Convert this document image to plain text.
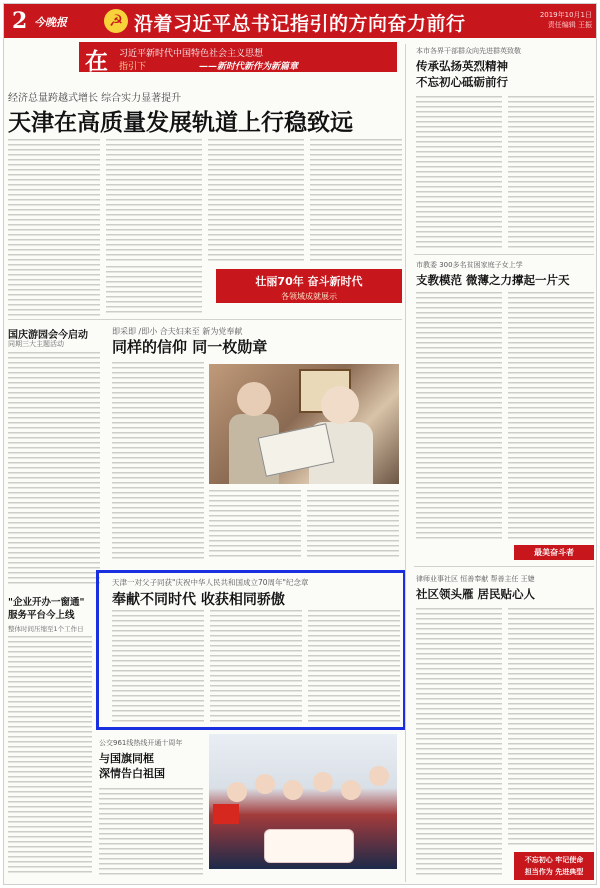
2 今晚报	☭ 沿着习近平总书记指引的方向奋力前行	2019年10月1日
责任编辑 王振
在 习近平新时代中国特色社会主义思想
指引下	——新时代新作为新篇章
经济总量跨越式增长 综合实力显著提升
天津在高质量发展轨道上行稳致远
壮丽70年 奋斗新时代
各领域成就展示
国庆游园会今启动
同期三大主题活动
"企业开办一窗通"
服务平台今上线
整体时间压缩至1个工作日
即采即 /即小 合夫妇来至 新为党奉献
同样的信仰 同一枚勋章
天津一对父子同获"庆祝中华人民共和国成立70周年"纪念章
奉献不同时代 收获相同骄傲
公交961线热线开通十周年
与国旗同框
深情告白祖国
本市各界干部群众向先进群英致敬
传承弘扬英烈精神
不忘初心砥砺前行
市教委 300多名贫困家庭子女上学
支教模范 微薄之力撑起一片天
最美奋斗者
律师业事社区 恒善奉献 帮善主任 王婕
社区领头雁 居民贴心人
不忘初心 牢记使命
担当作为 先进典型
